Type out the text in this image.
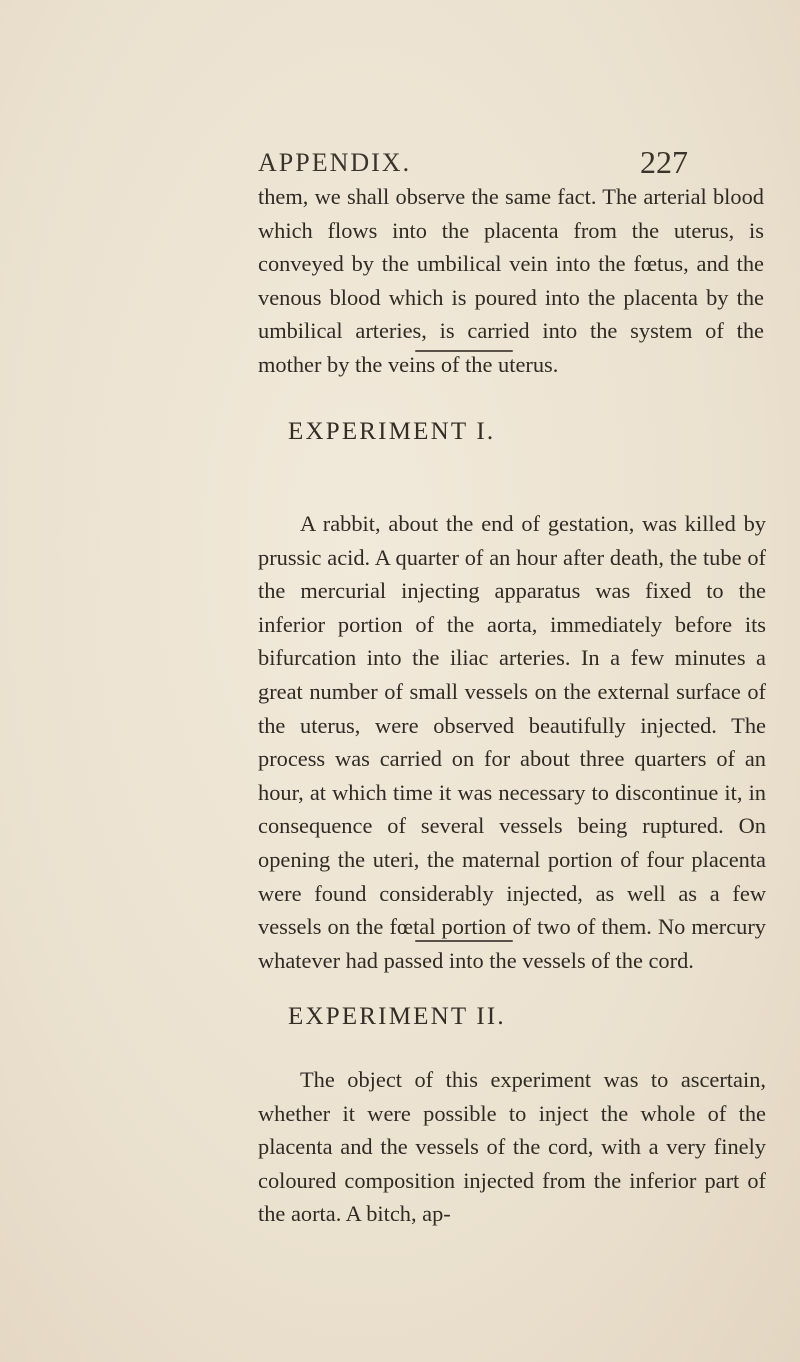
APPENDIX.	227

them, we shall observe the same fact. The arterial blood which flows into the placenta from the uterus, is conveyed by the umbilical vein into the fœtus, and the venous blood which is poured into the placenta by the umbilical arteries, is carried into the system of the mother by the veins of the uterus.

EXPERIMENT I.

A rabbit, about the end of gestation, was killed by prussic acid. A quarter of an hour after death, the tube of the mercurial injecting apparatus was fixed to the inferior portion of the aorta, immediately before its bifurcation into the iliac arteries. In a few minutes a great number of small vessels on the external surface of the uterus, were observed beautifully injected. The process was carried on for about three quarters of an hour, at which time it was necessary to discontinue it, in consequence of several vessels being ruptured. On opening the uteri, the maternal portion of four placenta were found considerably injected, as well as a few vessels on the fœtal portion of two of them. No mercury whatever had passed into the vessels of the cord.

EXPERIMENT II.

The object of this experiment was to ascertain, whether it were possible to inject the whole of the placenta and the vessels of the cord, with a very finely coloured composition injected from the inferior part of the aorta. A bitch, ap-
